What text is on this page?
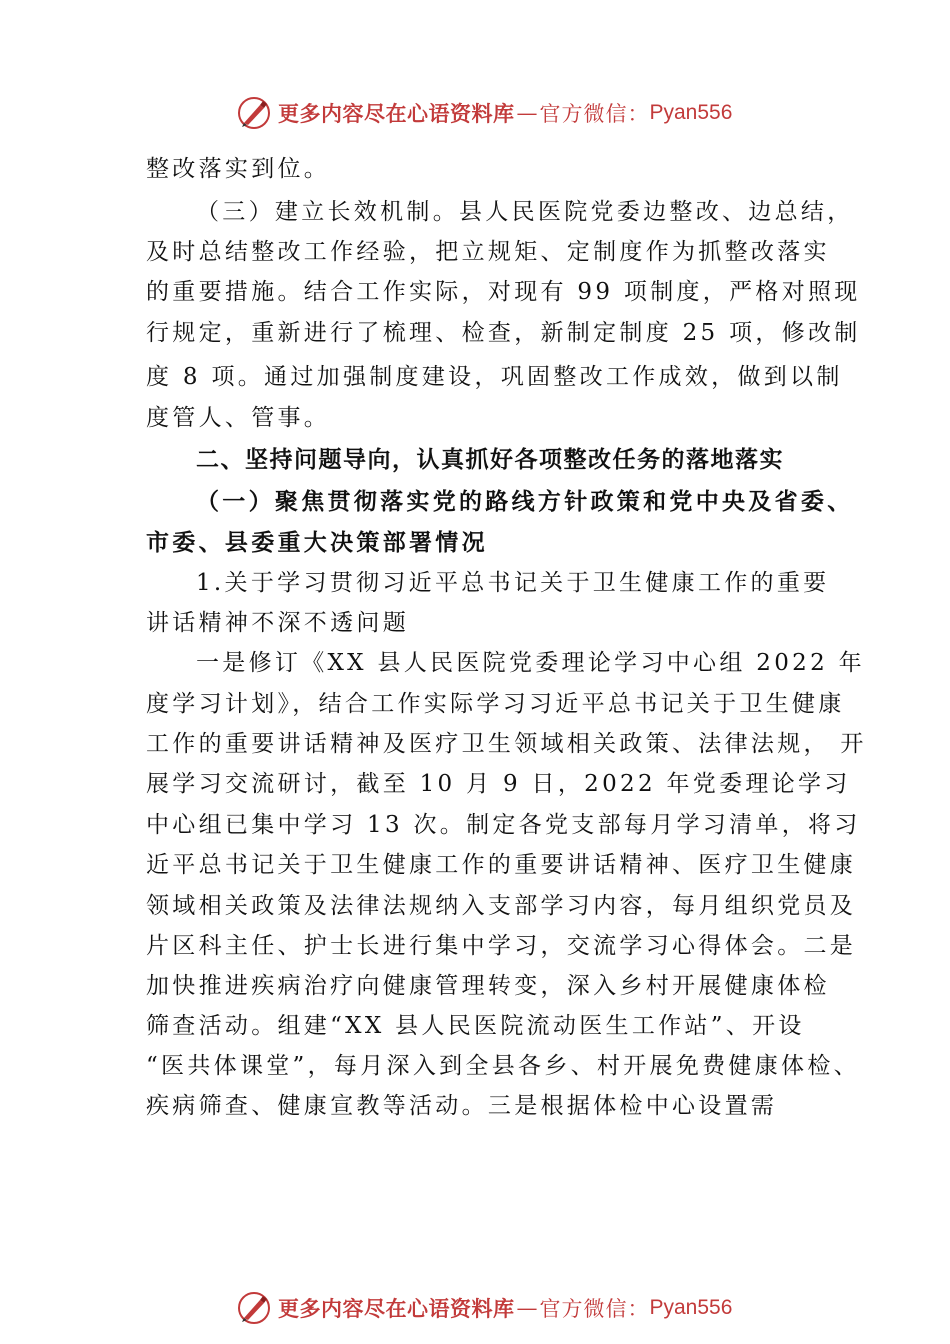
更多内容尽在心语资料库 — 官方微信： Pyan556
整改落实到位。
（三）建立长效机制。县人民医院党委边整改、边总结，
及时总结整改工作经验，把立规矩、定制度作为抓整改落实
的重要措施。结合工作实际，对现有 99 项制度，严格对照现
行规定，重新进行了梳理、检查，新制定制度 25 项，修改制
度 8 项。通过加强制度建设，巩固整改工作成效，做到以制
度管人、管事。
二、坚持问题导向，认真抓好各项整改任务的落地落实
（一）聚焦贯彻落实党的路线方针政策和党中央及省委、
市委、县委重大决策部署情况
1.关于学习贯彻习近平总书记关于卫生健康工作的重要
讲话精神不深不透问题
一是修订《XX 县人民医院党委理论学习中心组 2022 年
度学习计划》，结合工作实际学习习近平总书记关于卫生健康
工作的重要讲话精神及医疗卫生领域相关政策、法律法规， 开
展学习交流研讨，截至 10 月 9 日，2022 年党委理论学习
中心组已集中学习 13 次。制定各党支部每月学习清单，将习
近平总书记关于卫生健康工作的重要讲话精神、医疗卫生健康
领域相关政策及法律法规纳入支部学习内容，每月组织党员及
片区科主任、护士长进行集中学习，交流学习心得体会。二是
加快推进疾病治疗向健康管理转变，深入乡村开展健康体检
筛查活动。组建“XX 县人民医院流动医生工作站”、开设
“医共体课堂”，每月深入到全县各乡、村开展免费健康体检、
疾病筛查、健康宣教等活动。三是根据体检中心设置需
更多内容尽在心语资料库 — 官方微信： Pyan556
